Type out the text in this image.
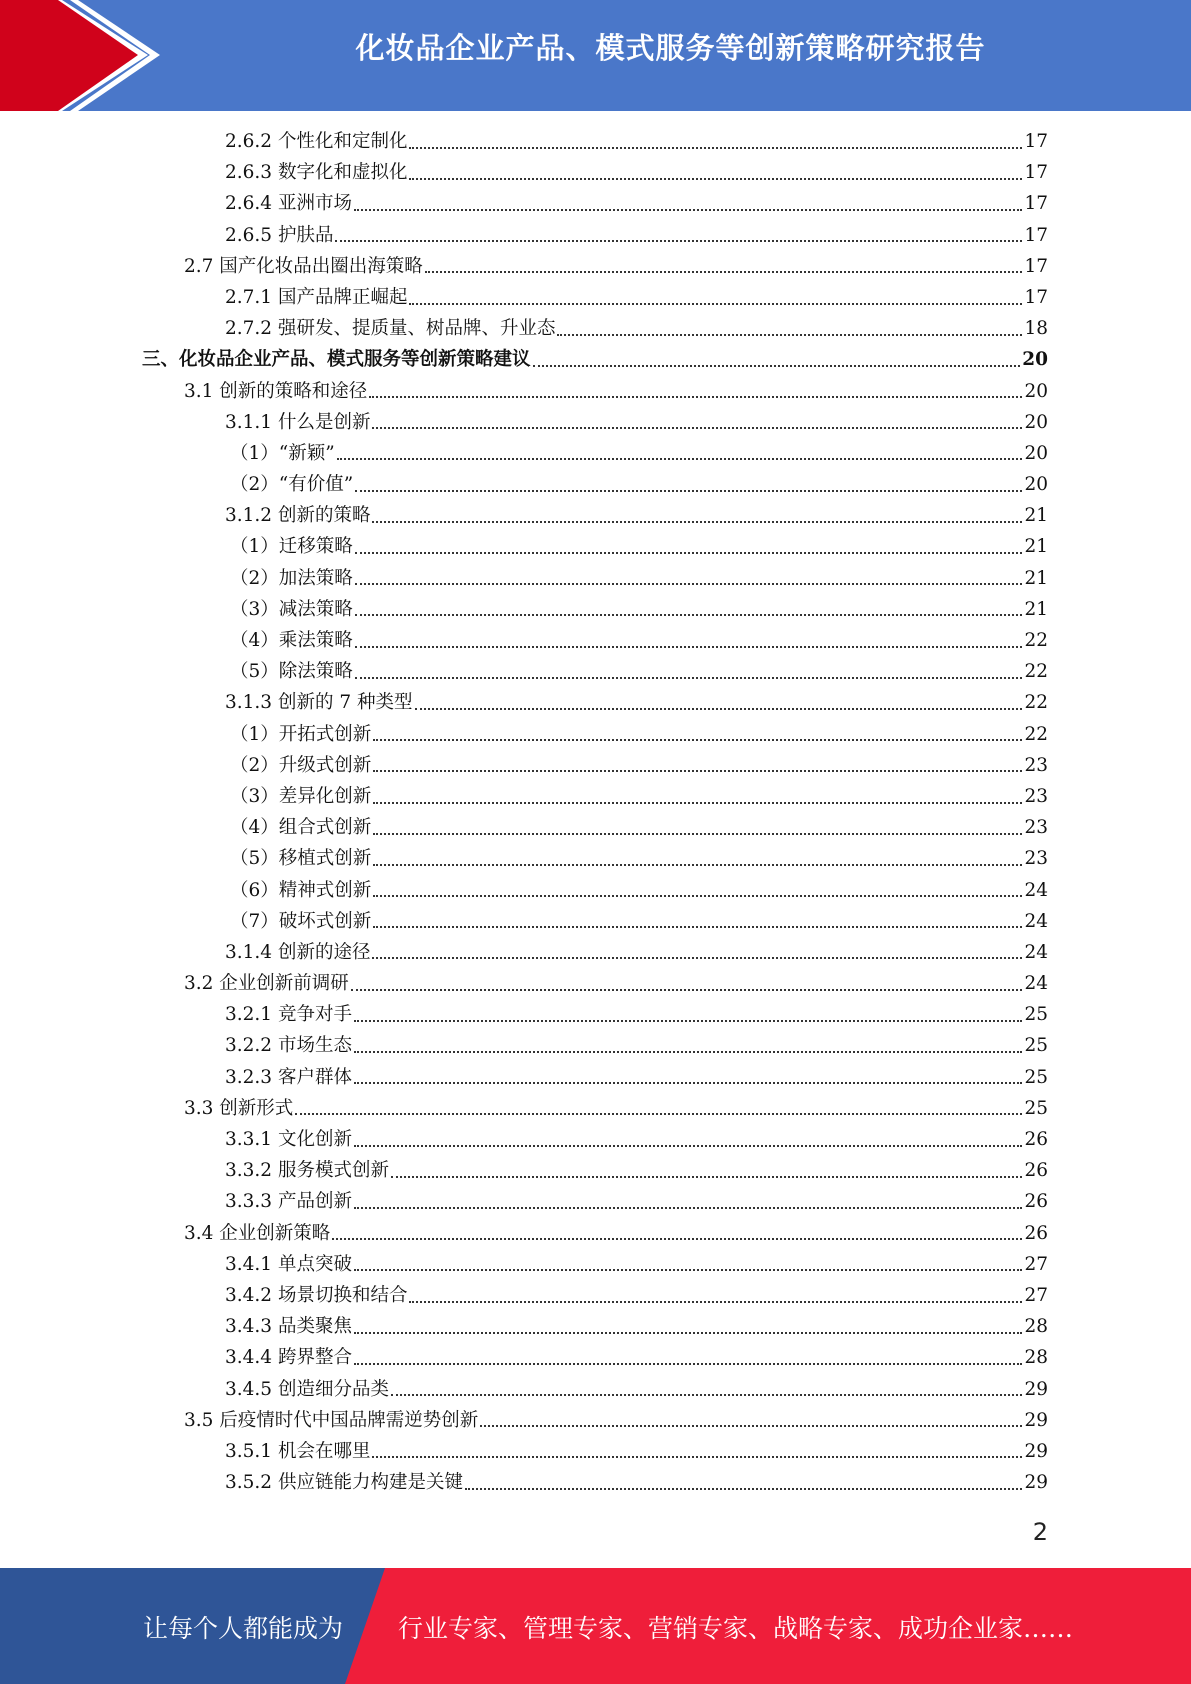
化妆品企业产品、模式服务等创新策略研究报告
2.6.2 个性化和定制化	17
2.6.3 数字化和虚拟化	17
2.6.4 亚洲市场	17
2.6.5 护肤品	17
2.7 国产化妆品出圈出海策略	17
2.7.1 国产品牌正崛起	17
2.7.2 强研发、提质量、树品牌、升业态	18
三、化妆品企业产品、模式服务等创新策略建议	20
3.1 创新的策略和途径	20
3.1.1 什么是创新	20
（1）“新颖”	20
（2）“有价值”	20
3.1.2 创新的策略	21
（1）迁移策略	21
（2）加法策略	21
（3）减法策略	21
（4）乘法策略	22
（5）除法策略	22
3.1.3 创新的 7 种类型	22
（1）开拓式创新	22
（2）升级式创新	23
（3）差异化创新	23
（4）组合式创新	23
（5）移植式创新	23
（6）精神式创新	24
（7）破坏式创新	24
3.1.4 创新的途径	24
3.2 企业创新前调研	24
3.2.1 竞争对手	25
3.2.2 市场生态	25
3.2.3 客户群体	25
3.3 创新形式	25
3.3.1 文化创新	26
3.3.2 服务模式创新	26
3.3.3 产品创新	26
3.4 企业创新策略	26
3.4.1 单点突破	27
3.4.2 场景切换和结合	27
3.4.3 品类聚焦	28
3.4.4 跨界整合	28
3.4.5 创造细分品类	29
3.5 后疫情时代中国品牌需逆势创新	29
3.5.1 机会在哪里	29
3.5.2 供应链能力构建是关键	29
2
让每个人都能成为 行业专家、管理专家、营销专家、战略专家、成功企业家……
